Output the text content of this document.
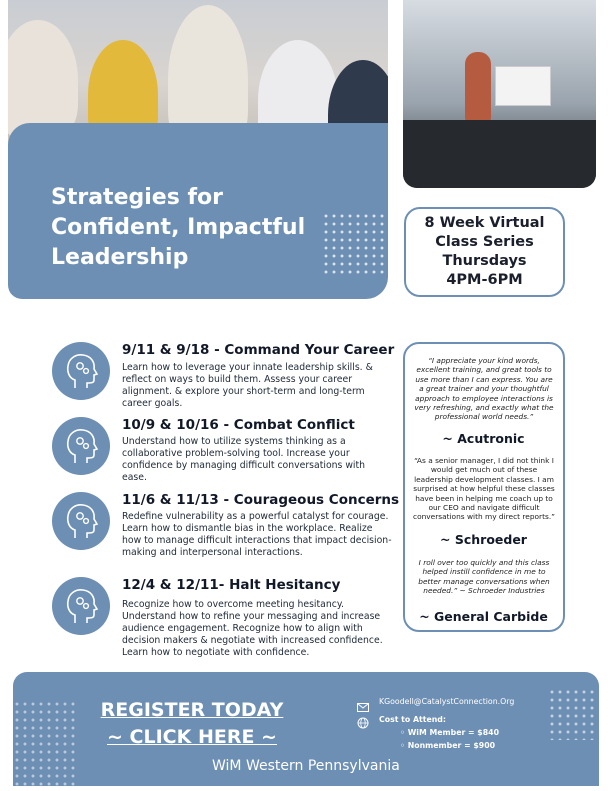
Strategies for
Confident, Impactful
Leadership
8 Week Virtual
Class Series
Thursdays
4PM-6PM
9/11 & 9/18 - Command Your Career
Learn how to leverage your innate leadership skills. & reflect on ways to build them. Assess your career alignment. & explore your short-term and long-term career goals.
10/9 & 10/16 - Combat Conflict
Understand how to utilize systems thinking as a collaborative problem-solving tool. Increase your confidence by managing difficult conversations with ease.
11/6 & 11/13 - Courageous Concerns
Redefine vulnerability as a powerful catalyst for courage. Learn how to dismantle bias in the workplace. Realize how to manage difficult interactions that impact decision-making and interpersonal interactions.
12/4 & 12/11- Halt Hesitancy
Recognize how to overcome meeting hesitancy. Understand how to refine your messaging and increase audience engagement. Recognize how to align with decision makers & negotiate with increased confidence. Learn how to negotiate with confidence.
“I appreciate your kind words, excellent training, and great tools to use more than I can express. You are a great trainer and your thoughtful approach to employee interactions is very refreshing, and exactly what the professional world needs.”
~ Acutronic
“As a senior manager, I did not think I would get much out of these leadership development classes. I am surprised at how helpful these classes have been in helping me coach up to our CEO and navigate difficult conversations with my direct reports.”
~ Schroeder
I roll over too quickly and this class helped instill confidence in me to better manage conversations when needed.” ~ Schroeder Industries
~ General Carbide
REGISTER TODAY
~ CLICK HERE ~
WiM Western Pennsylvania
KGoodell@CatalystConnection.Org
Cost to Attend:
◦ WiM Member = $840
◦ Nonmember = $900
